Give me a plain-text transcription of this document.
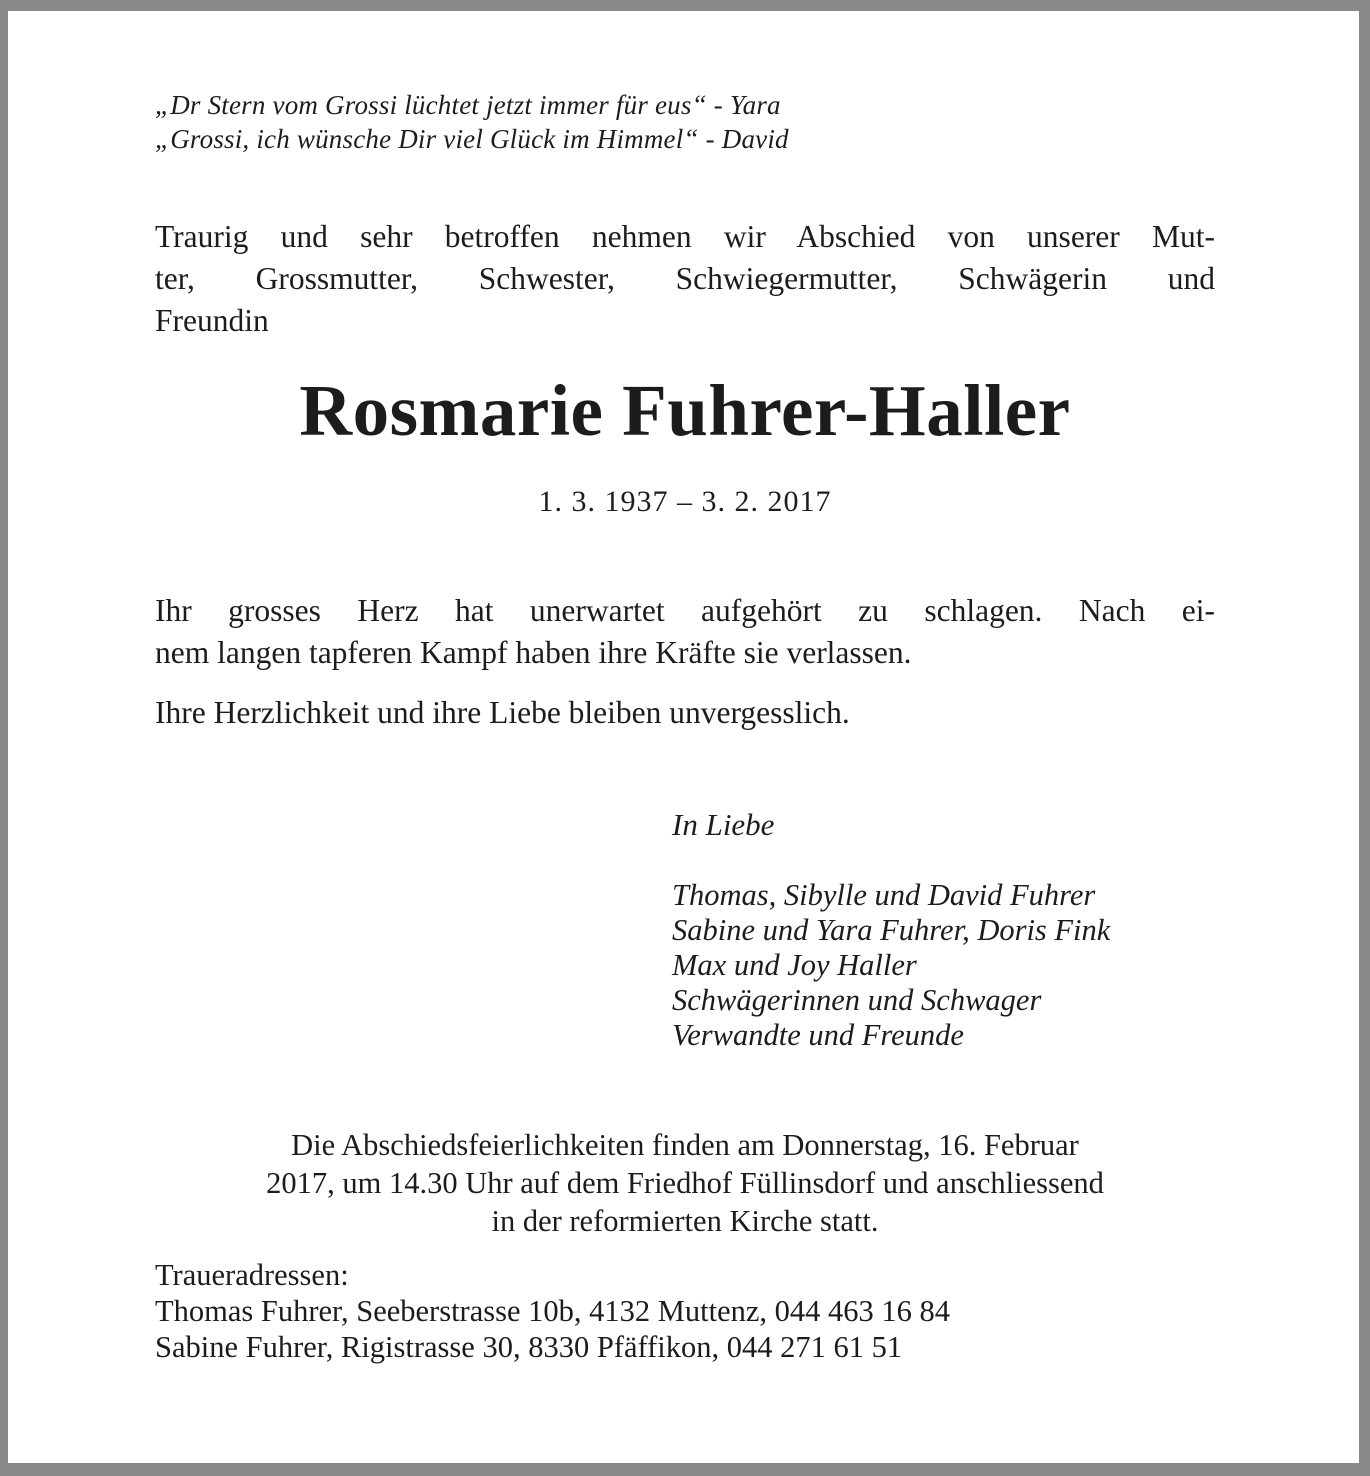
„Dr Stern vom Grossi lüchtet jetzt immer für eus“ - Yara
„Grossi, ich wünsche Dir viel Glück im Himmel“ - David
Traurig und sehr betroffen nehmen wir Abschied von unserer Mut-
ter, Grossmutter, Schwester, Schwiegermutter, Schwägerin und
Freundin
Rosmarie Fuhrer-Haller
1. 3. 1937 – 3. 2. 2017
Ihr grosses Herz hat unerwartet aufgehört zu schlagen. Nach ei-
nem langen tapferen Kampf haben ihre Kräfte sie verlassen.
Ihre Herzlichkeit und ihre Liebe bleiben unvergesslich.
In Liebe
Thomas, Sibylle und David Fuhrer
Sabine und Yara Fuhrer, Doris Fink
Max und Joy Haller
Schwägerinnen und Schwager
Verwandte und Freunde
Die Abschiedsfeierlichkeiten finden am Donnerstag, 16. Februar
2017, um 14.30 Uhr auf dem Friedhof Füllinsdorf und anschliessend
in der reformierten Kirche statt.
Traueradressen:
Thomas Fuhrer, Seeberstrasse 10b, 4132 Muttenz, 044 463 16 84
Sabine Fuhrer, Rigistrasse 30, 8330 Pfäffikon, 044 271 61 51
